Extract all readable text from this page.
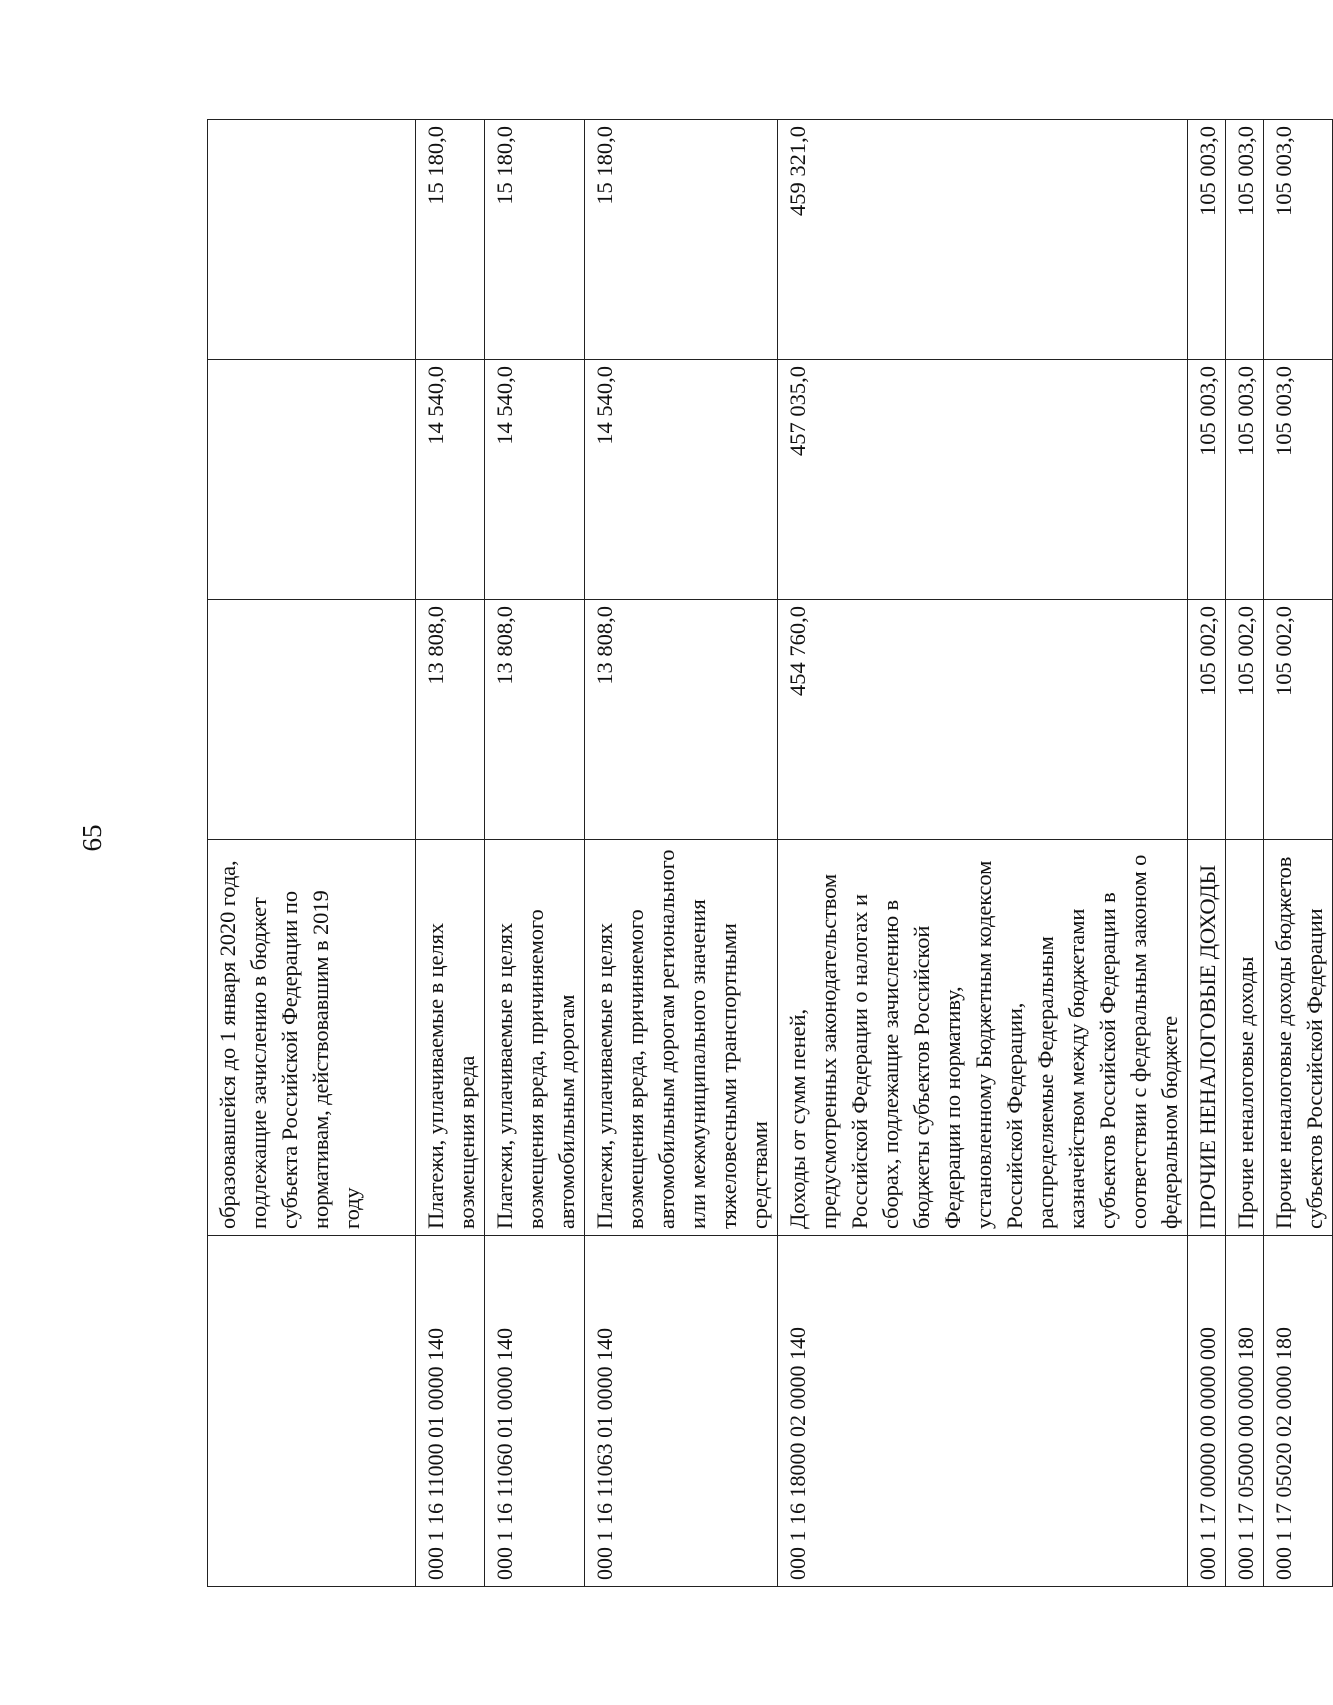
65
	образовавшейся до 1 января 2020 года, подлежащие зачислению в бюджет субъекта Российской Федерации по нормативам, действовавшим в 2019 году			
000 1 16 11000 01 0000 140	Платежи, уплачиваемые в целях возмещения вреда	13 808,0	14 540,0	15 180,0
000 1 16 11060 01 0000 140	Платежи, уплачиваемые в целях возмещения вреда, причиняемого автомобильным дорогам	13 808,0	14 540,0	15 180,0
000 1 16 11063 01 0000 140	Платежи, уплачиваемые в целях возмещения вреда, причиняемого автомобильным дорогам регионального или межмуниципального значения тяжеловесными транспортными средствами	13 808,0	14 540,0	15 180,0
000 1 16 18000 02 0000 140	Доходы от сумм пеней, предусмотренных законодательством Российской Федерации о налогах и сборах, подлежащие зачислению в бюджеты субъектов Российской Федерации по нормативу, установленному Бюджетным кодексом Российской Федерации, распределяемые Федеральным казначейством между бюджетами субъектов Российской Федерации в соответствии с федеральным законом о федеральном бюджете	454 760,0	457 035,0	459 321,0
000 1 17 00000 00 0000 000	ПРОЧИЕ НЕНАЛОГОВЫЕ ДОХОДЫ	105 002,0	105 003,0	105 003,0
000 1 17 05000 00 0000 180	Прочие неналоговые доходы	105 002,0	105 003,0	105 003,0
000 1 17 05020 02 0000 180	Прочие неналоговые доходы бюджетов субъектов Российской Федерации	105 002,0	105 003,0	105 003,0
